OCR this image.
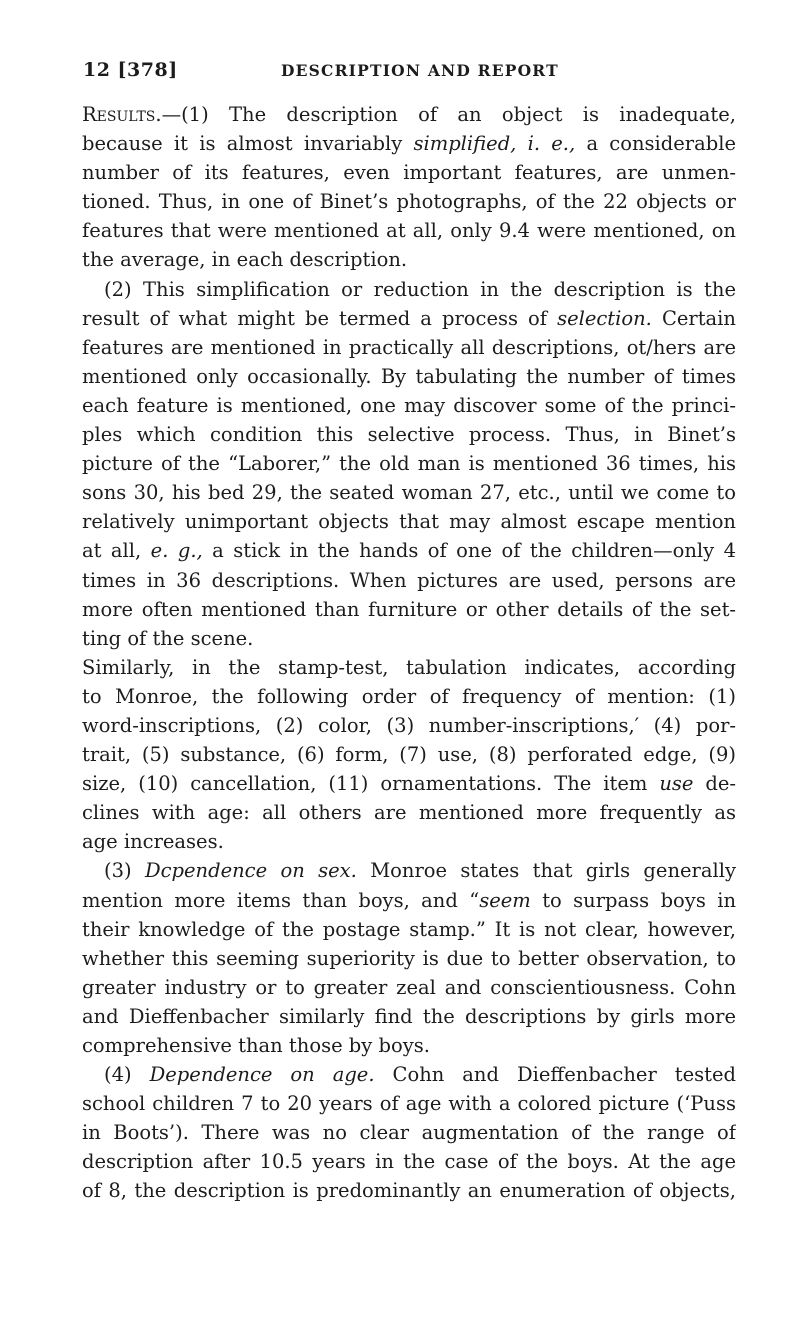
12 [378]	DESCRIPTION AND REPORT
Results.—(1) The description of an object is inadequate,
because it is almost invariably simplified, i. e., a considerable
number of its features, even important features, are unmen-
tioned. Thus, in one of Binet’s photographs, of the 22 objects or
features that were mentioned at all, only 9.4 were mentioned, on
the average, in each description.
(2) This simplification or reduction in the description is the
result of what might be termed a process of selection. Certain
features are mentioned in practically all descriptions, ot/hers are
mentioned only occasionally. By tabulating the number of times
each feature is mentioned, one may discover some of the princi-
ples which condition this selective process. Thus, in Binet’s
picture of the “Laborer,” the old man is mentioned 36 times, his
sons 30, his bed 29, the seated woman 27, etc., until we come to
relatively unimportant objects that may almost escape mention
at all, e. g., a stick in the hands of one of the children—only 4
times in 36 descriptions. When pictures are used, persons are
more often mentioned than furniture or other details of the set-
ting of the scene.
Similarly, in the stamp-test, tabulation indicates, according
to Monroe, the following order of frequency of mention: (1)
word-inscriptions, (2) color, (3) number-inscriptions,′ (4) por-
trait, (5) substance, (6) form, (7) use, (8) perforated edge, (9)
size, (10) cancellation, (11) ornamentations. The item use de-
clines with age: all others are mentioned more frequently as
age increases.
(3) Dcpendence on sex. Monroe states that girls generally
mention more items than boys, and “seem to surpass boys in
their knowledge of the postage stamp.” It is not clear, however,
whether this seeming superiority is due to better observation, to
greater industry or to greater zeal and conscientiousness. Cohn
and Dieffenbacher similarly find the descriptions by girls more
comprehensive than those by boys.
(4) Dependence on age. Cohn and Dieffenbacher tested
school children 7 to 20 years of age with a colored picture (‘Puss
in Boots’). There was no clear augmentation of the range of
description after 10.5 years in the case of the boys. At the age
of 8, the description is predominantly an enumeration of objects,
